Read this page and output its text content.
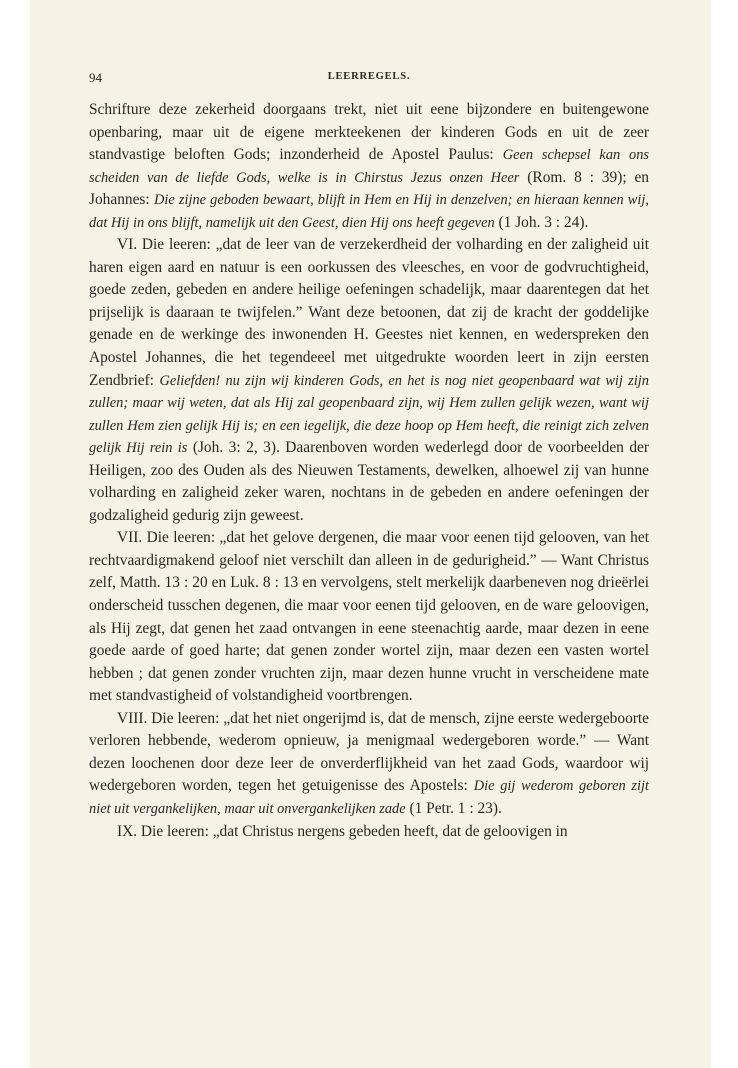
94	LEERREGELS.

Schrifture deze zekerheid doorgaans trekt, niet uit eene bijzondere en buitengewone openbaring, maar uit de eigene merkteekenen der kinderen Gods en uit de zeer standvastige beloften Gods; inzonderheid de Apostel Paulus: Geen schepsel kan ons scheiden van de liefde Gods, welke is in Chirstus Jezus onzen Heer (Rom. 8 : 39); en Johannes: Die zijne geboden bewaart, blijft in Hem en Hij in denzelven; en hieraan kennen wij, dat Hij in ons blijft, namelijk uit den Geest, dien Hij ons heeft gegeven (1 Joh. 3 : 24).

VI. Die leeren: „dat de leer van de verzekerdheid der volharding en der zaligheid uit haren eigen aard en natuur is een oorkussen des vleesches, en voor de godvruchtigheid, goede zeden, gebeden en andere heilige oefeningen schadelijk, maar daarentegen dat het prijselijk is daaraan te twijfelen.” Want deze betoonen, dat zij de kracht der goddelijke genade en de werkinge des inwonenden H. Geestes niet kennen, en wederspreken den Apostel Johannes, die het tegendeeel met uitgedrukte woorden leert in zijn eersten Zendbrief: Geliefden! nu zijn wij kinderen Gods, en het is nog niet geopenbaard wat wij zijn zullen; maar wij weten, dat als Hij zal geopenbaard zijn, wij Hem zullen gelijk wezen, want wij zullen Hem zien gelijk Hij is; en een iegelijk, die deze hoop op Hem heeft, die reinigt zich zelven gelijk Hij rein is (Joh. 3: 2, 3). Daarenboven worden wederlegd door de voorbeelden der Heiligen, zoo des Ouden als des Nieuwen Testaments, dewelken, alhoewel zij van hunne volharding en zaligheid zeker waren, nochtans in de gebeden en andere oefeningen der godzaligheid gedurig zijn geweest.

VII. Die leeren: „dat het gelove dergenen, die maar voor eenen tijd gelooven, van het rechtvaardigmakend geloof niet verschilt dan alleen in de gedurigheid.” — Want Christus zelf, Matth. 13 : 20 en Luk. 8 : 13 en vervolgens, stelt merkelijk daarbeneven nog drieërlei onderscheid tusschen degenen, die maar voor eenen tijd gelooven, en de ware geloovigen, als Hij zegt, dat genen het zaad ontvangen in eene steenachtig aarde, maar dezen in eene goede aarde of goed harte; dat genen zonder wortel zijn, maar dezen een vasten wortel hebben ; dat genen zonder vruchten zijn, maar dezen hunne vrucht in verscheidene mate met standvastigheid of volstandigheid voortbrengen.

VIII. Die leeren: „dat het niet ongerijmd is, dat de mensch, zijne eerste wedergeboorte verloren hebbende, wederom opnieuw, ja menigmaal wedergeboren worde.” — Want dezen loochenen door deze leer de onverderflijkheid van het zaad Gods, waardoor wij wedergeboren worden, tegen het getuigenisse des Apostels: Die gij wederom geboren zijt niet uit vergankelijken, maar uit onvergankelijken zade (1 Petr. 1 : 23).

IX. Die leeren: „dat Christus nergens gebeden heeft, dat de geloovigen in
